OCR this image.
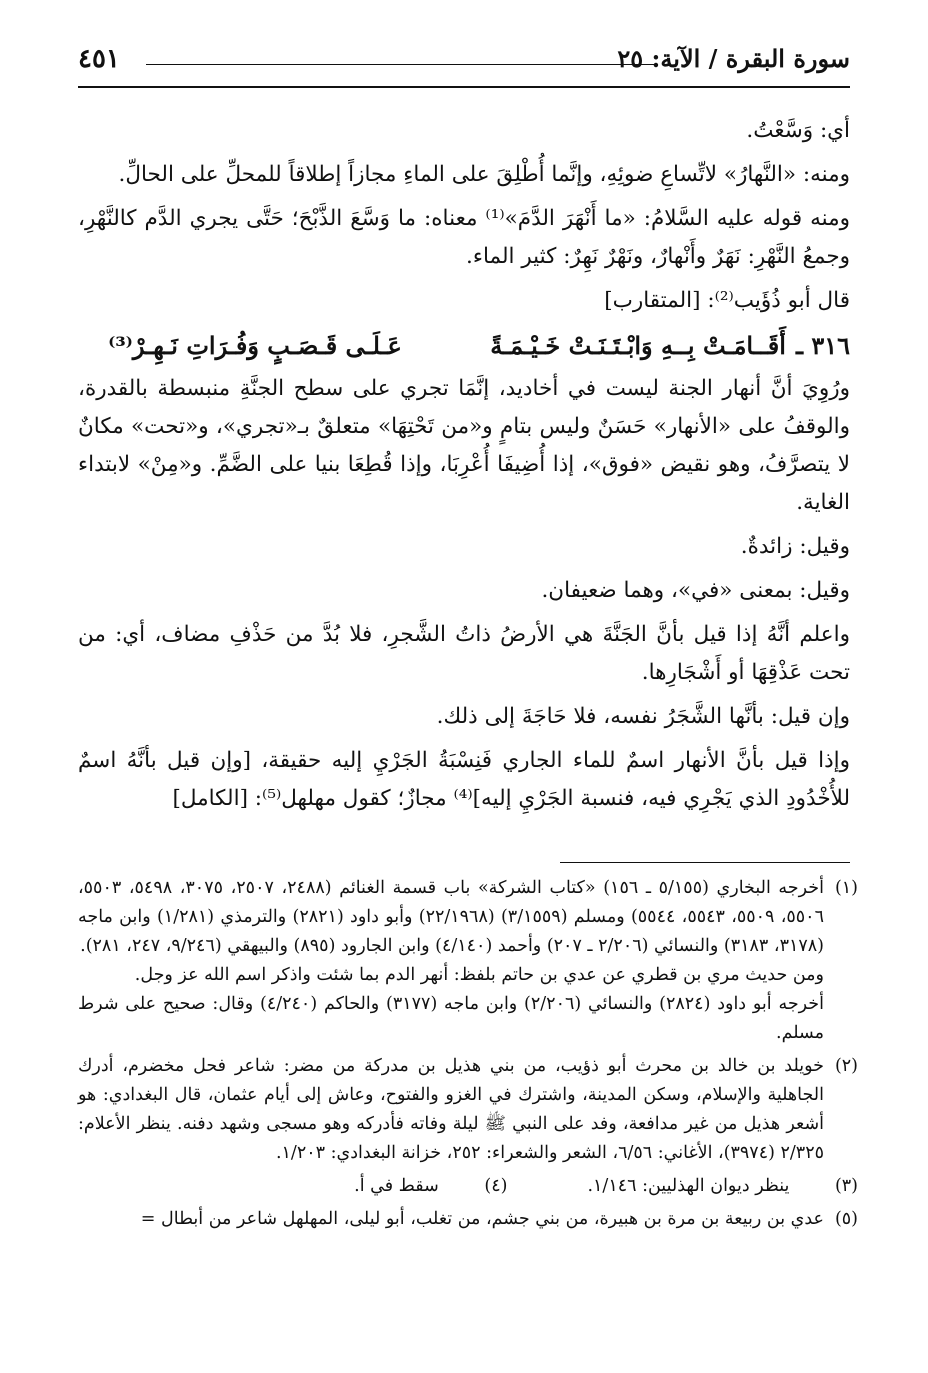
سورة البقرة / الآية: ٢٥
٤٥١

أي: وَسَّعْتُ.

ومنه: «النَّهارُ» لاتِّساعِ ضوئِهِ، وإنَّما أُطْلِقَ على الماءِ مجازاً إطلاقاً للمحلِّ على الحالِّ.

ومنه قوله عليه السَّلامُ: «ما أَنْهَرَ الدَّمَ»⁽¹⁾ معناه: ما وَسَّعَ الذَّبْحَ؛ حَتَّى يجري الدَّم كالنَّهْرِ، وجمعُ النَّهْرِ: نَهَرٌ وأَنْهارٌ، ونَهْرٌ نَهِرٌ: كثير الماء.

قال أبو ذُؤَيب⁽²⁾: [المتقارب]

٣١٦ ـ
أَقَــامَـتْ بِــهِ وَابْـتَـنَـتْ خَـيْـمَـةً
عَـلَـى قَـصَـبٍ وَفُـرَاتِ نَـهِـرْ⁽³⁾

ورُوِيَ أنَّ أنهار الجنة ليست في أخاديد، إنَّمَا تجري على سطح الجنَّةِ منبسطة بالقدرة، والوقفُ على «الأنهار» حَسَنٌ وليس بتامٍ و«من تَحْتِهَا» متعلقٌ بـ«تجري»، و«تحت» مكانٌ لا يتصرَّفُ، وهو نقيض «فوق»، إذا أُضِيفَا أُعْرِبَا، وإذا قُطِعَا بنيا على الضَّمِّ. و«مِنْ» لابتداء الغاية.

وقيل: زائدةٌ.

وقيل: بمعنى «في»، وهما ضعيفان.

واعلم أنَّهُ إذا قيل بأنَّ الجَنَّةَ هي الأرضُ ذاتُ الشَّجرِ، فلا بُدَّ من حَذْفِ مضاف، أي: من تحت عَذْقِهَا أو أَشْجَارِها.

وإن قيل: بأنَّها الشَّجَرُ نفسه، فلا حَاجَةَ إلى ذلك.

وإذا قيل بأنَّ الأنهار اسمٌ للماء الجاري فَنِسْبَةُ الجَرْيِ إليه حقيقة، [وإن قيل بأنَّهُ اسمٌ للأُخْدُودِ الذي يَجْرِي فيه، فنسبة الجَرْيِ إليه]⁽⁴⁾ مجازٌ؛ كقول مهلهل⁽⁵⁾: [الكامل]

(١)
أخرجه البخاري (٥/١٥٥ ـ ١٥٦) «كتاب الشركة» باب قسمة الغنائم (٢٤٨٨، ٢٥٠٧، ٣٠٧٥، ٥٤٩٨، ٥٥٠٣، ٥٥٠٦، ٥٥٠٩، ٥٥٤٣، ٥٥٤٤) ومسلم (٣/١٥٥٩) (٢٢/١٩٦٨) وأبو داود (٢٨٢١) والترمذي (١/٢٨١) وابن ماجه (٣١٧٨، ٣١٨٣) والنسائي (٢/٢٠٦ ـ ٢٠٧) وأحمد (٤/١٤٠) وابن الجارود (٨٩٥) والبيهقي (٩/٢٤٦، ٢٤٧، ٢٨١).
ومن حديث مري بن قطري عن عدي بن حاتم بلفظ: أنهر الدم بما شئت واذكر اسم الله عز وجل.
أخرجه أبو داود (٢٨٢٤) والنسائي (٢/٢٠٦) وابن ماجه (٣١٧٧) والحاكم (٤/٢٤٠) وقال: صحيح على شرط مسلم.
(٢)
خويلد بن خالد بن محرث أبو ذؤيب، من بني هذيل بن مدركة من مضر: شاعر فحل مخضرم، أدرك الجاهلية والإسلام، وسكن المدينة، واشترك في الغزو والفتوح، وعاش إلى أيام عثمان، قال البغدادي: هو أشعر هذيل من غير مدافعة، وفد على النبي ﷺ ليلة وفاته فأدركه وهو مسجى وشهد دفنه. ينظر الأعلام: ٢/٣٢٥ (٣٩٧٤)، الأغاني: ٦/٥٦، الشعر والشعراء: ٢٥٢، خزانة البغدادي: ١/٢٠٣.
(٣) ينظر ديوان الهذليين: ١/١٤٦.
(٤) سقط في أ.
(٥)
عدي بن ربيعة بن مرة بن هبيرة، من بني جشم، من تغلب، أبو ليلى، المهلهل شاعر من أبطال =
